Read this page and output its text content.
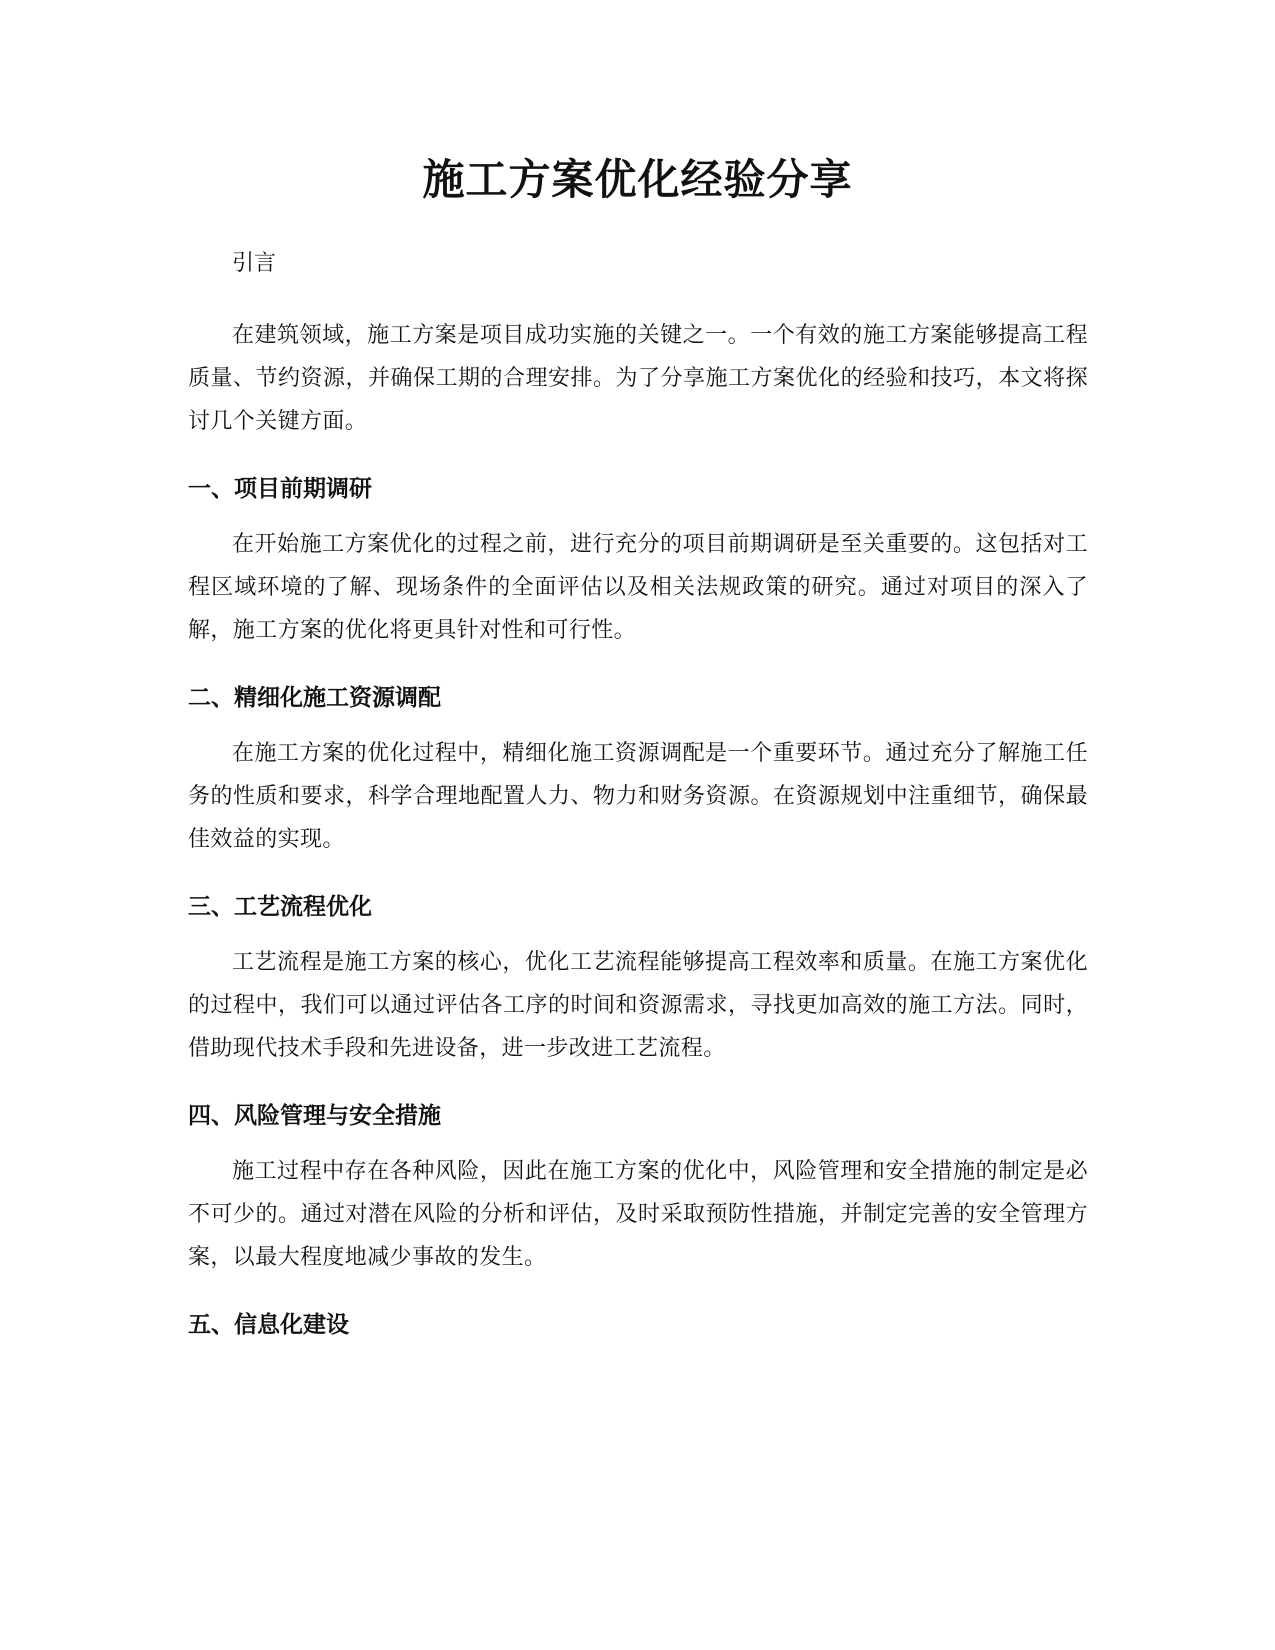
施工方案优化经验分享

引言

在建筑领域，施工方案是项目成功实施的关键之一。一个有效的施工方案能够提高工程质量、节约资源，并确保工期的合理安排。为了分享施工方案优化的经验和技巧，本文将探讨几个关键方面。

一、项目前期调研

在开始施工方案优化的过程之前，进行充分的项目前期调研是至关重要的。这包括对工程区域环境的了解、现场条件的全面评估以及相关法规政策的研究。通过对项目的深入了解，施工方案的优化将更具针对性和可行性。

二、精细化施工资源调配

在施工方案的优化过程中，精细化施工资源调配是一个重要环节。通过充分了解施工任务的性质和要求，科学合理地配置人力、物力和财务资源。在资源规划中注重细节，确保最佳效益的实现。

三、工艺流程优化

工艺流程是施工方案的核心，优化工艺流程能够提高工程效率和质量。在施工方案优化的过程中，我们可以通过评估各工序的时间和资源需求，寻找更加高效的施工方法。同时，借助现代技术手段和先进设备，进一步改进工艺流程。

四、风险管理与安全措施

施工过程中存在各种风险，因此在施工方案的优化中，风险管理和安全措施的制定是必不可少的。通过对潜在风险的分析和评估，及时采取预防性措施，并制定完善的安全管理方案，以最大程度地减少事故的发生。

五、信息化建设
